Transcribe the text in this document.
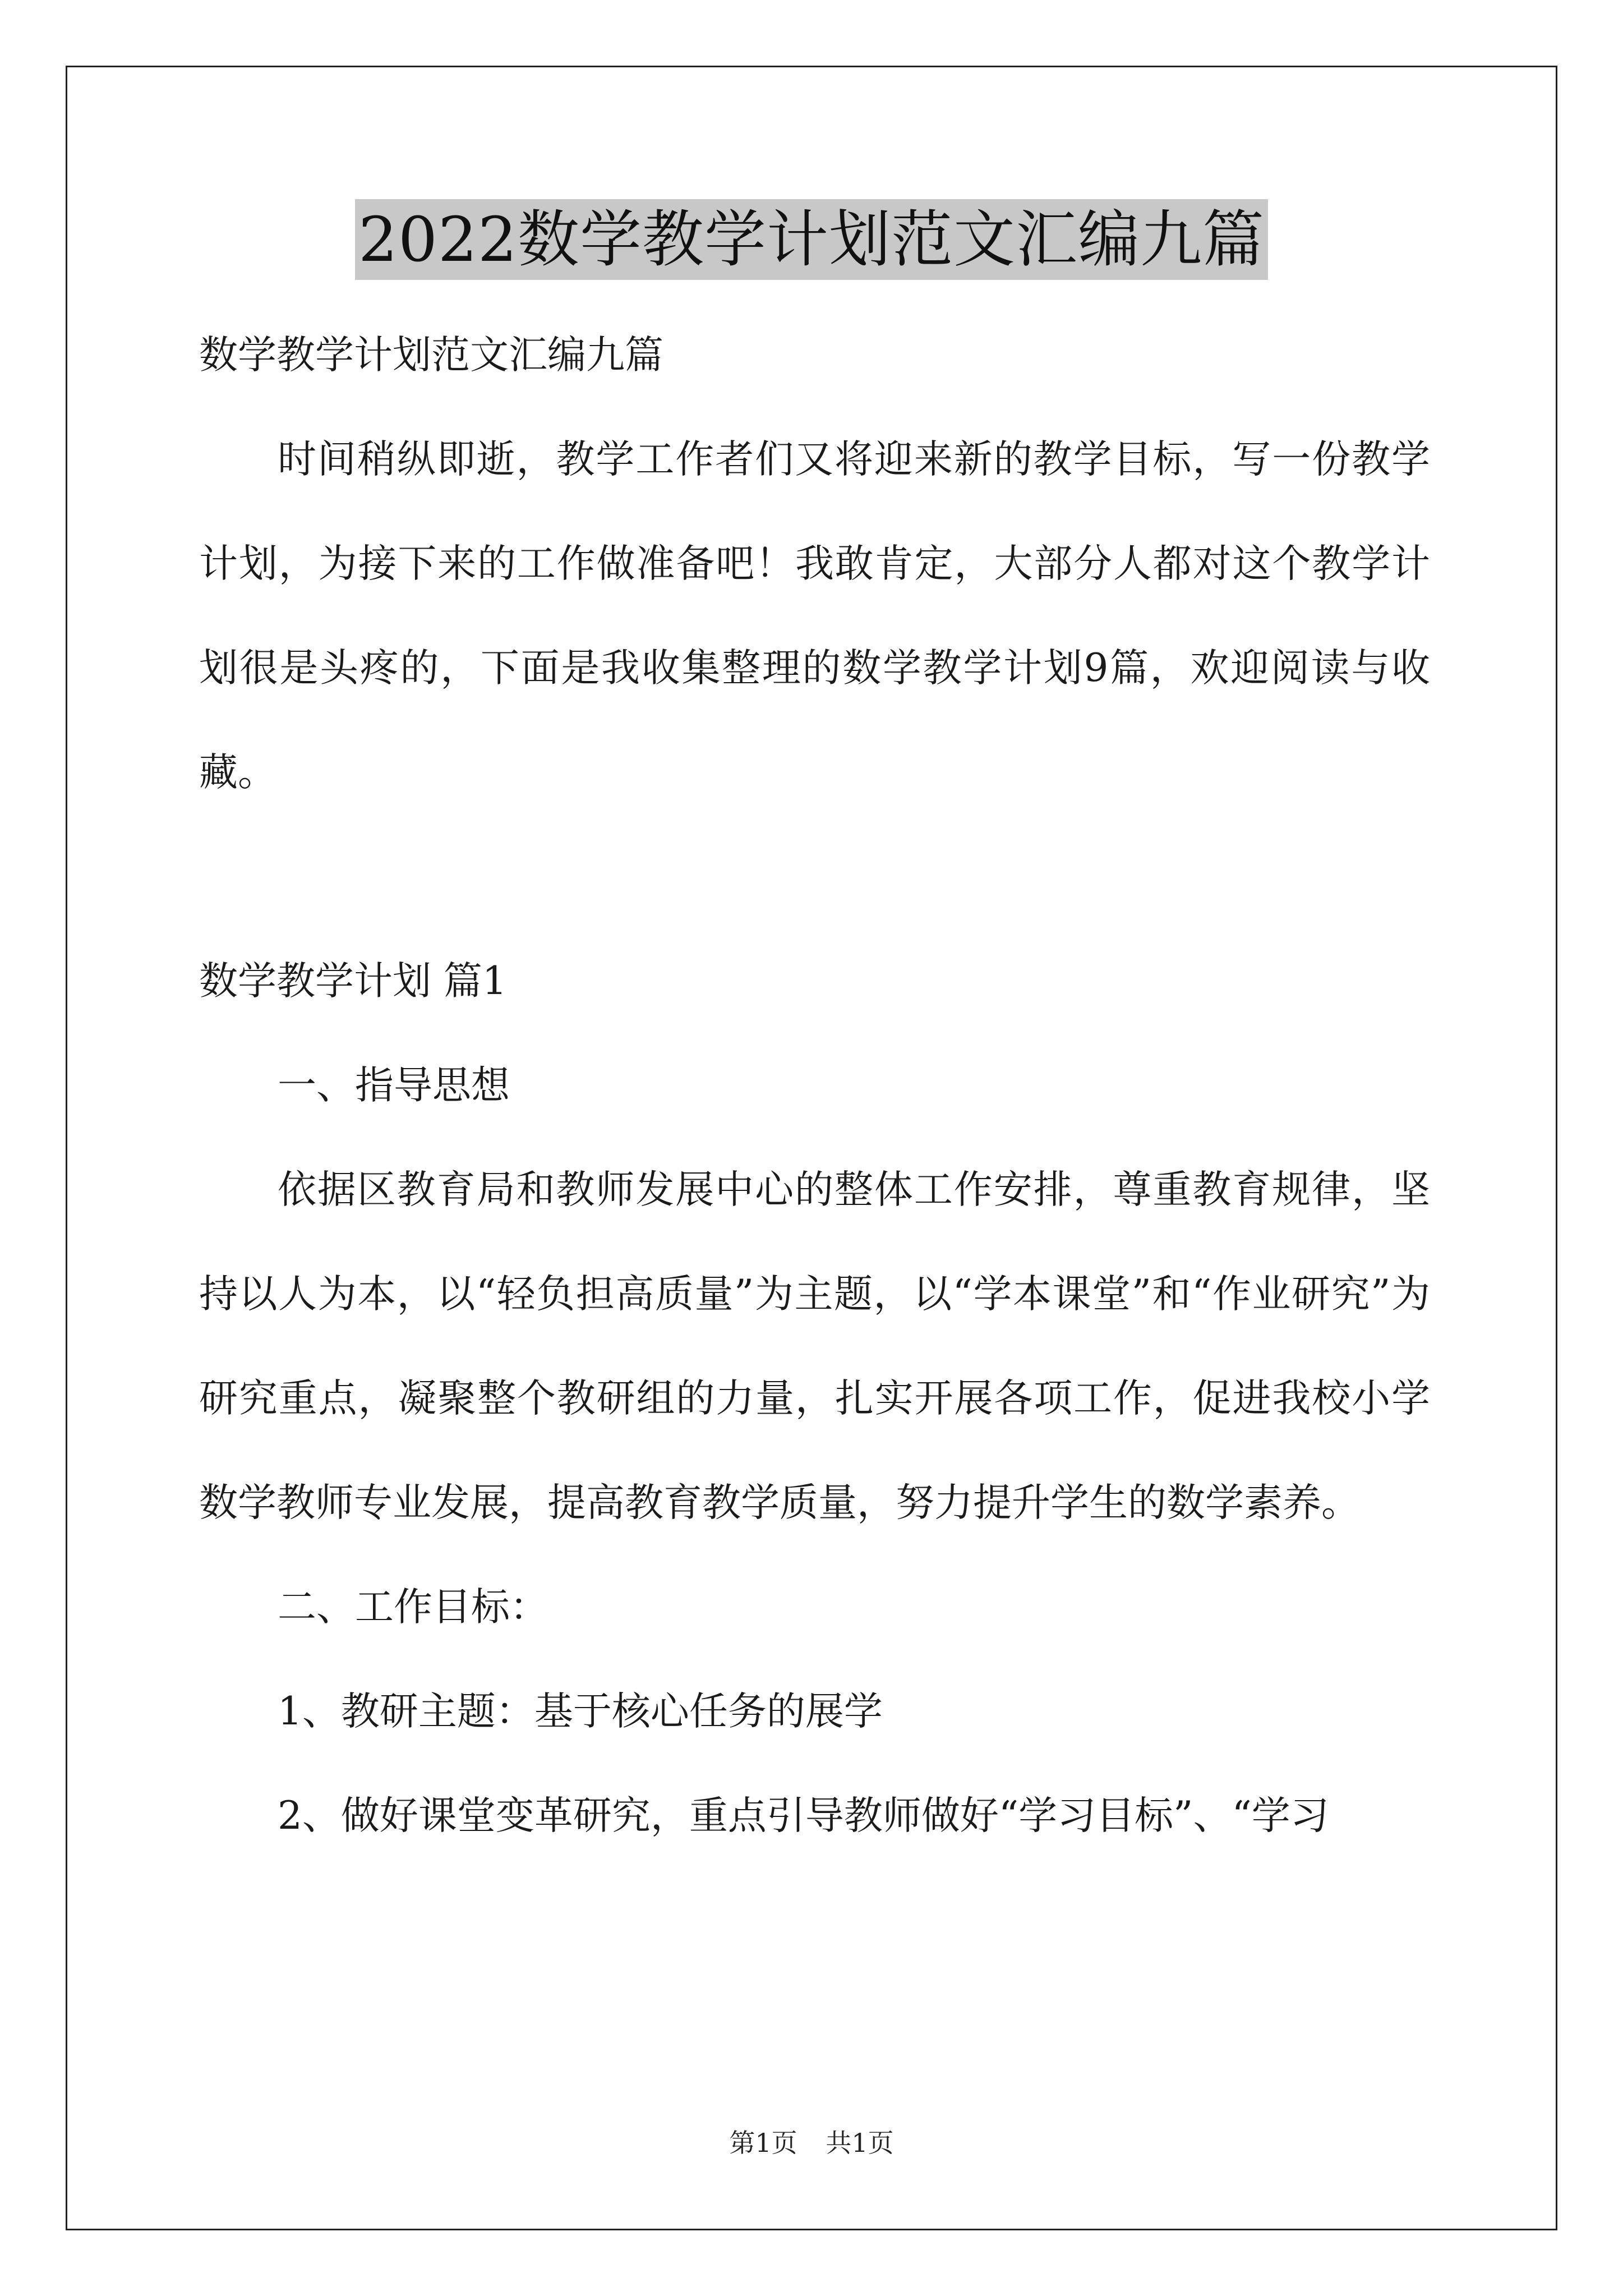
2022数学教学计划范文汇编九篇
数学教学计划范文汇编九篇

时间稍纵即逝，教学工作者们又将迎来新的教学目标，写一份教学计划，为接下来的工作做准备吧！我敢肯定，大部分人都对这个教学计划很是头疼的，下面是我收集整理的数学教学计划9篇，欢迎阅读与收藏。

数学教学计划 篇1
一、指导思想

依据区教育局和教师发展中心的整体工作安排，尊重教育规律，坚持以人为本，以“轻负担高质量”为主题，以“学本课堂”和“作业研究”为研究重点，凝聚整个教研组的力量，扎实开展各项工作，促进我校小学数学教师专业发展，提高教育教学质量，努力提升学生的数学素养。

二、工作目标：
1、教研主题：基于核心任务的展学
2、做好课堂变革研究，重点引导教师做好“学习目标”、“学习
第1页 共1页
